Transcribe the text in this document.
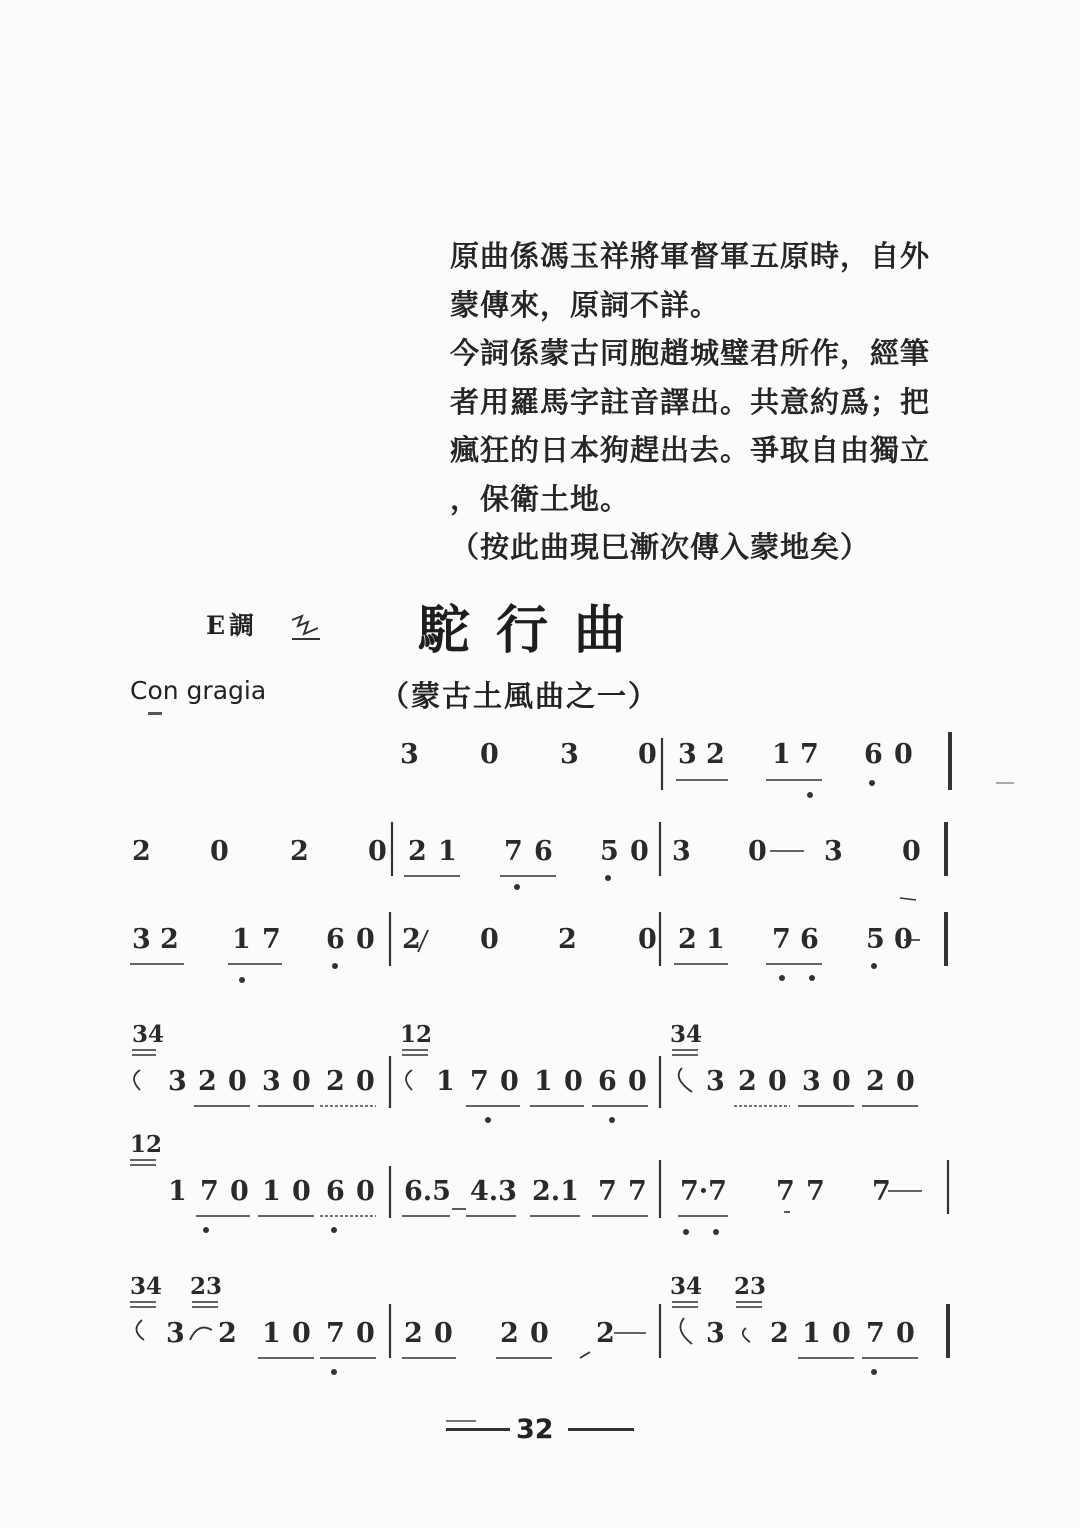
原曲係馮玉祥將軍督軍五原時，自外

蒙傳來，原詞不詳。

今詞係蒙古同胞趙城璧君所作，經筆

者用羅馬字註音譯出。共意約爲；把

瘋狂的日本狗趕出去。爭取自由獨立

，保衛土地。

（按此曲現巳漸次傳入蒙地矣）

E調	駝行曲
Con gragia	（蒙古土風曲之一）
3 0 3 0 3 2 1 7 6 0
2 0 2 0 2 1 7 6 5 0 3 0 3 0
3 2 1 7 6 0 2 0 2 0 2 1 7 6 5 0
34
3 2 0 3 0 2 0
12
1 7 0 1 0 6 0
34
3 2 0 3 0 2 0
12
1 7 0 1 0 6 0 6.5 4.3 2.1 7 7 7·7 7 7 7
34 23
3 2 1 0 7 0 2 0 2 0 2
34 23
3 2 1 0 7 0
32
